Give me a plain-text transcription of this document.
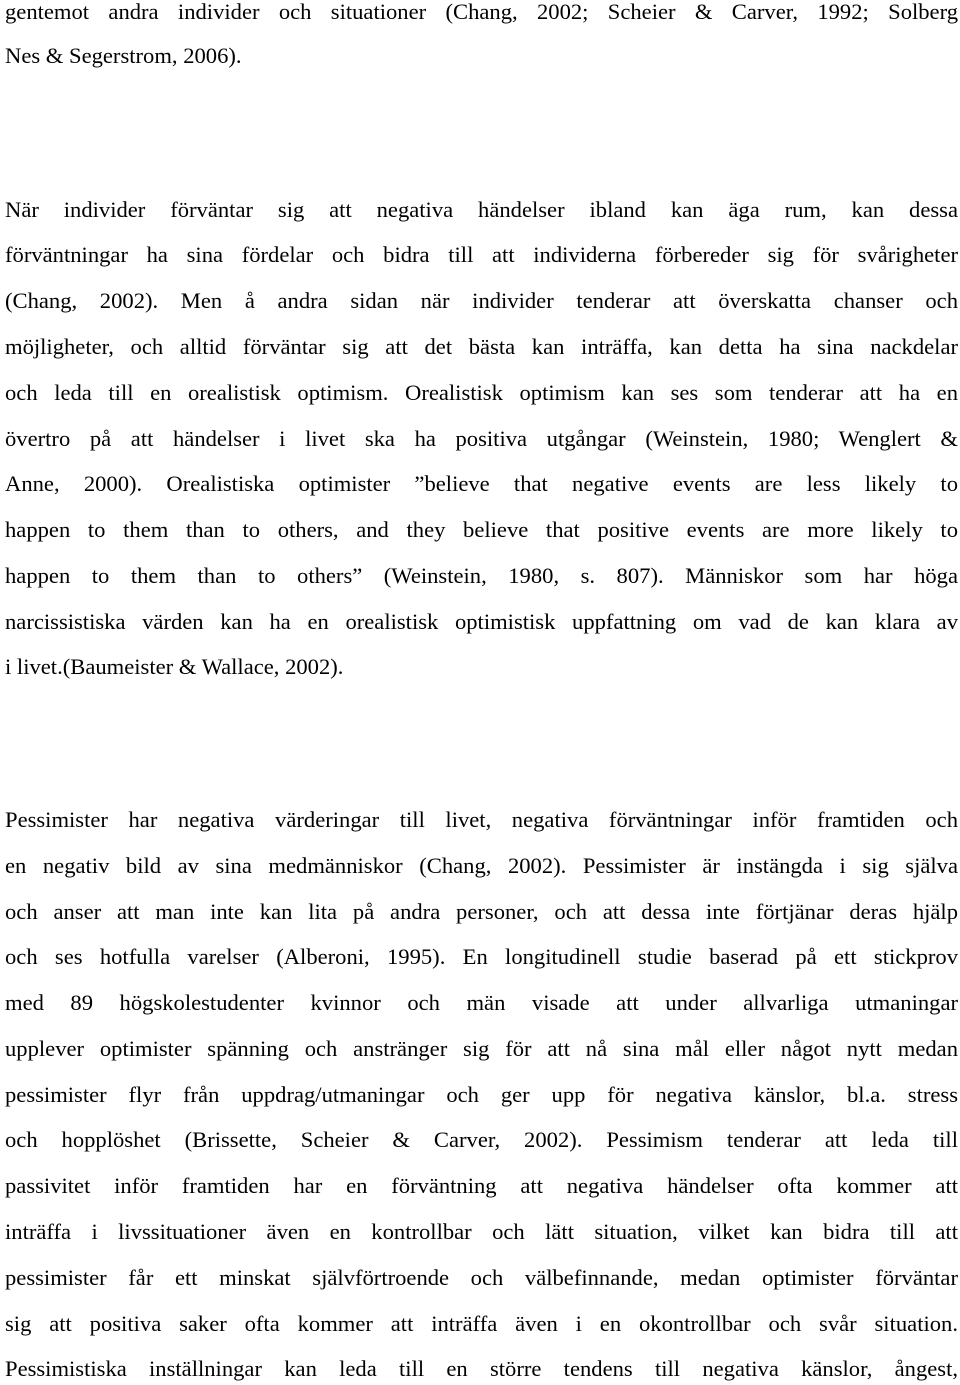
gentemot andra individer och situationer (Chang, 2002; Scheier & Carver, 1992; Solberg
Nes & Segerstrom, 2006).
När individer förväntar sig att negativa händelser ibland kan äga rum, kan dessa
förväntningar ha sina fördelar och bidra till att individerna förbereder sig för svårigheter
(Chang, 2002). Men å andra sidan när individer tenderar att överskatta chanser och
möjligheter, och alltid förväntar sig att det bästa kan inträffa, kan detta ha sina nackdelar
och leda till en orealistisk optimism. Orealistisk optimism kan ses som tenderar att ha en
övertro på att händelser i livet ska ha positiva utgångar (Weinstein, 1980; Wenglert &
Anne, 2000). Orealistiska optimister ”believe that negative events are less likely to
happen to them than to others, and they believe that positive events are more likely to
happen to them than to others” (Weinstein, 1980, s. 807). Människor som har höga
narcissistiska värden kan ha en orealistisk optimistisk uppfattning om vad de kan klara av
i livet.(Baumeister & Wallace, 2002).
Pessimister har negativa värderingar till livet, negativa förväntningar inför framtiden och
en negativ bild av sina medmänniskor (Chang, 2002). Pessimister är instängda i sig själva
och anser att man inte kan lita på andra personer, och att dessa inte förtjänar deras hjälp
och ses hotfulla varelser (Alberoni, 1995). En longitudinell studie baserad på ett stickprov
med 89 högskolestudenter kvinnor och män visade att under allvarliga utmaningar
upplever optimister spänning och anstränger sig för att nå sina mål eller något nytt medan
pessimister flyr från uppdrag/utmaningar och ger upp för negativa känslor, bl.a. stress
och hopplöshet (Brissette, Scheier & Carver, 2002). Pessimism tenderar att leda till
passivitet inför framtiden har en förväntning att negativa händelser ofta kommer att
inträffa i livssituationer även en kontrollbar och lätt situation, vilket kan bidra till att
pessimister får ett minskat självförtroende och välbefinnande, medan optimister förväntar
sig att positiva saker ofta kommer att inträffa även i en okontrollbar och svår situation.
Pessimistiska inställningar kan leda till en större tendens till negativa känslor, ångest,
